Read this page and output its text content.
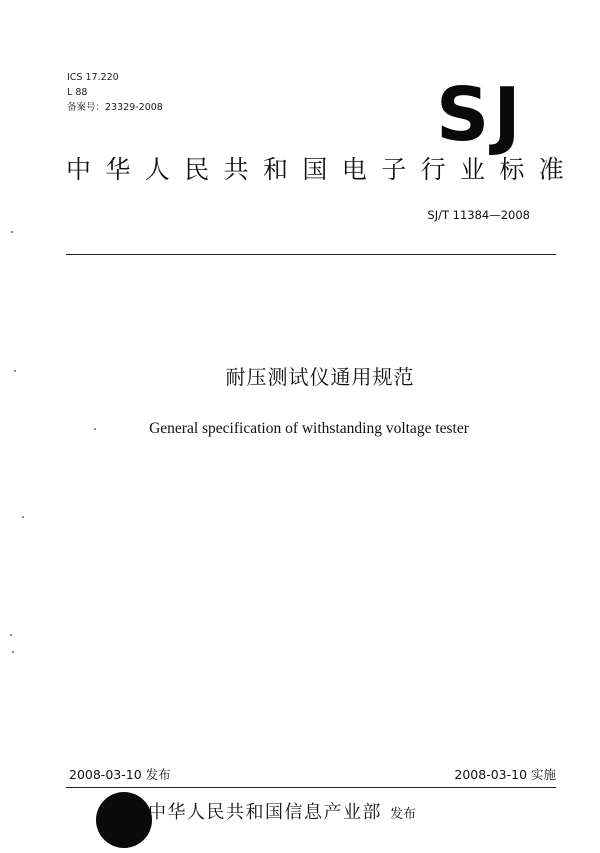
ICS 17.220
L 88
备案号：23329-2008	SJ
中华人民共和国电子行业标准
SJ/T 11384—2008
耐压测试仪通用规范
General specification of withstanding voltage tester
2008-03-10 发布	2008-03-10 实施
中华人民共和国信息产业部 发布
